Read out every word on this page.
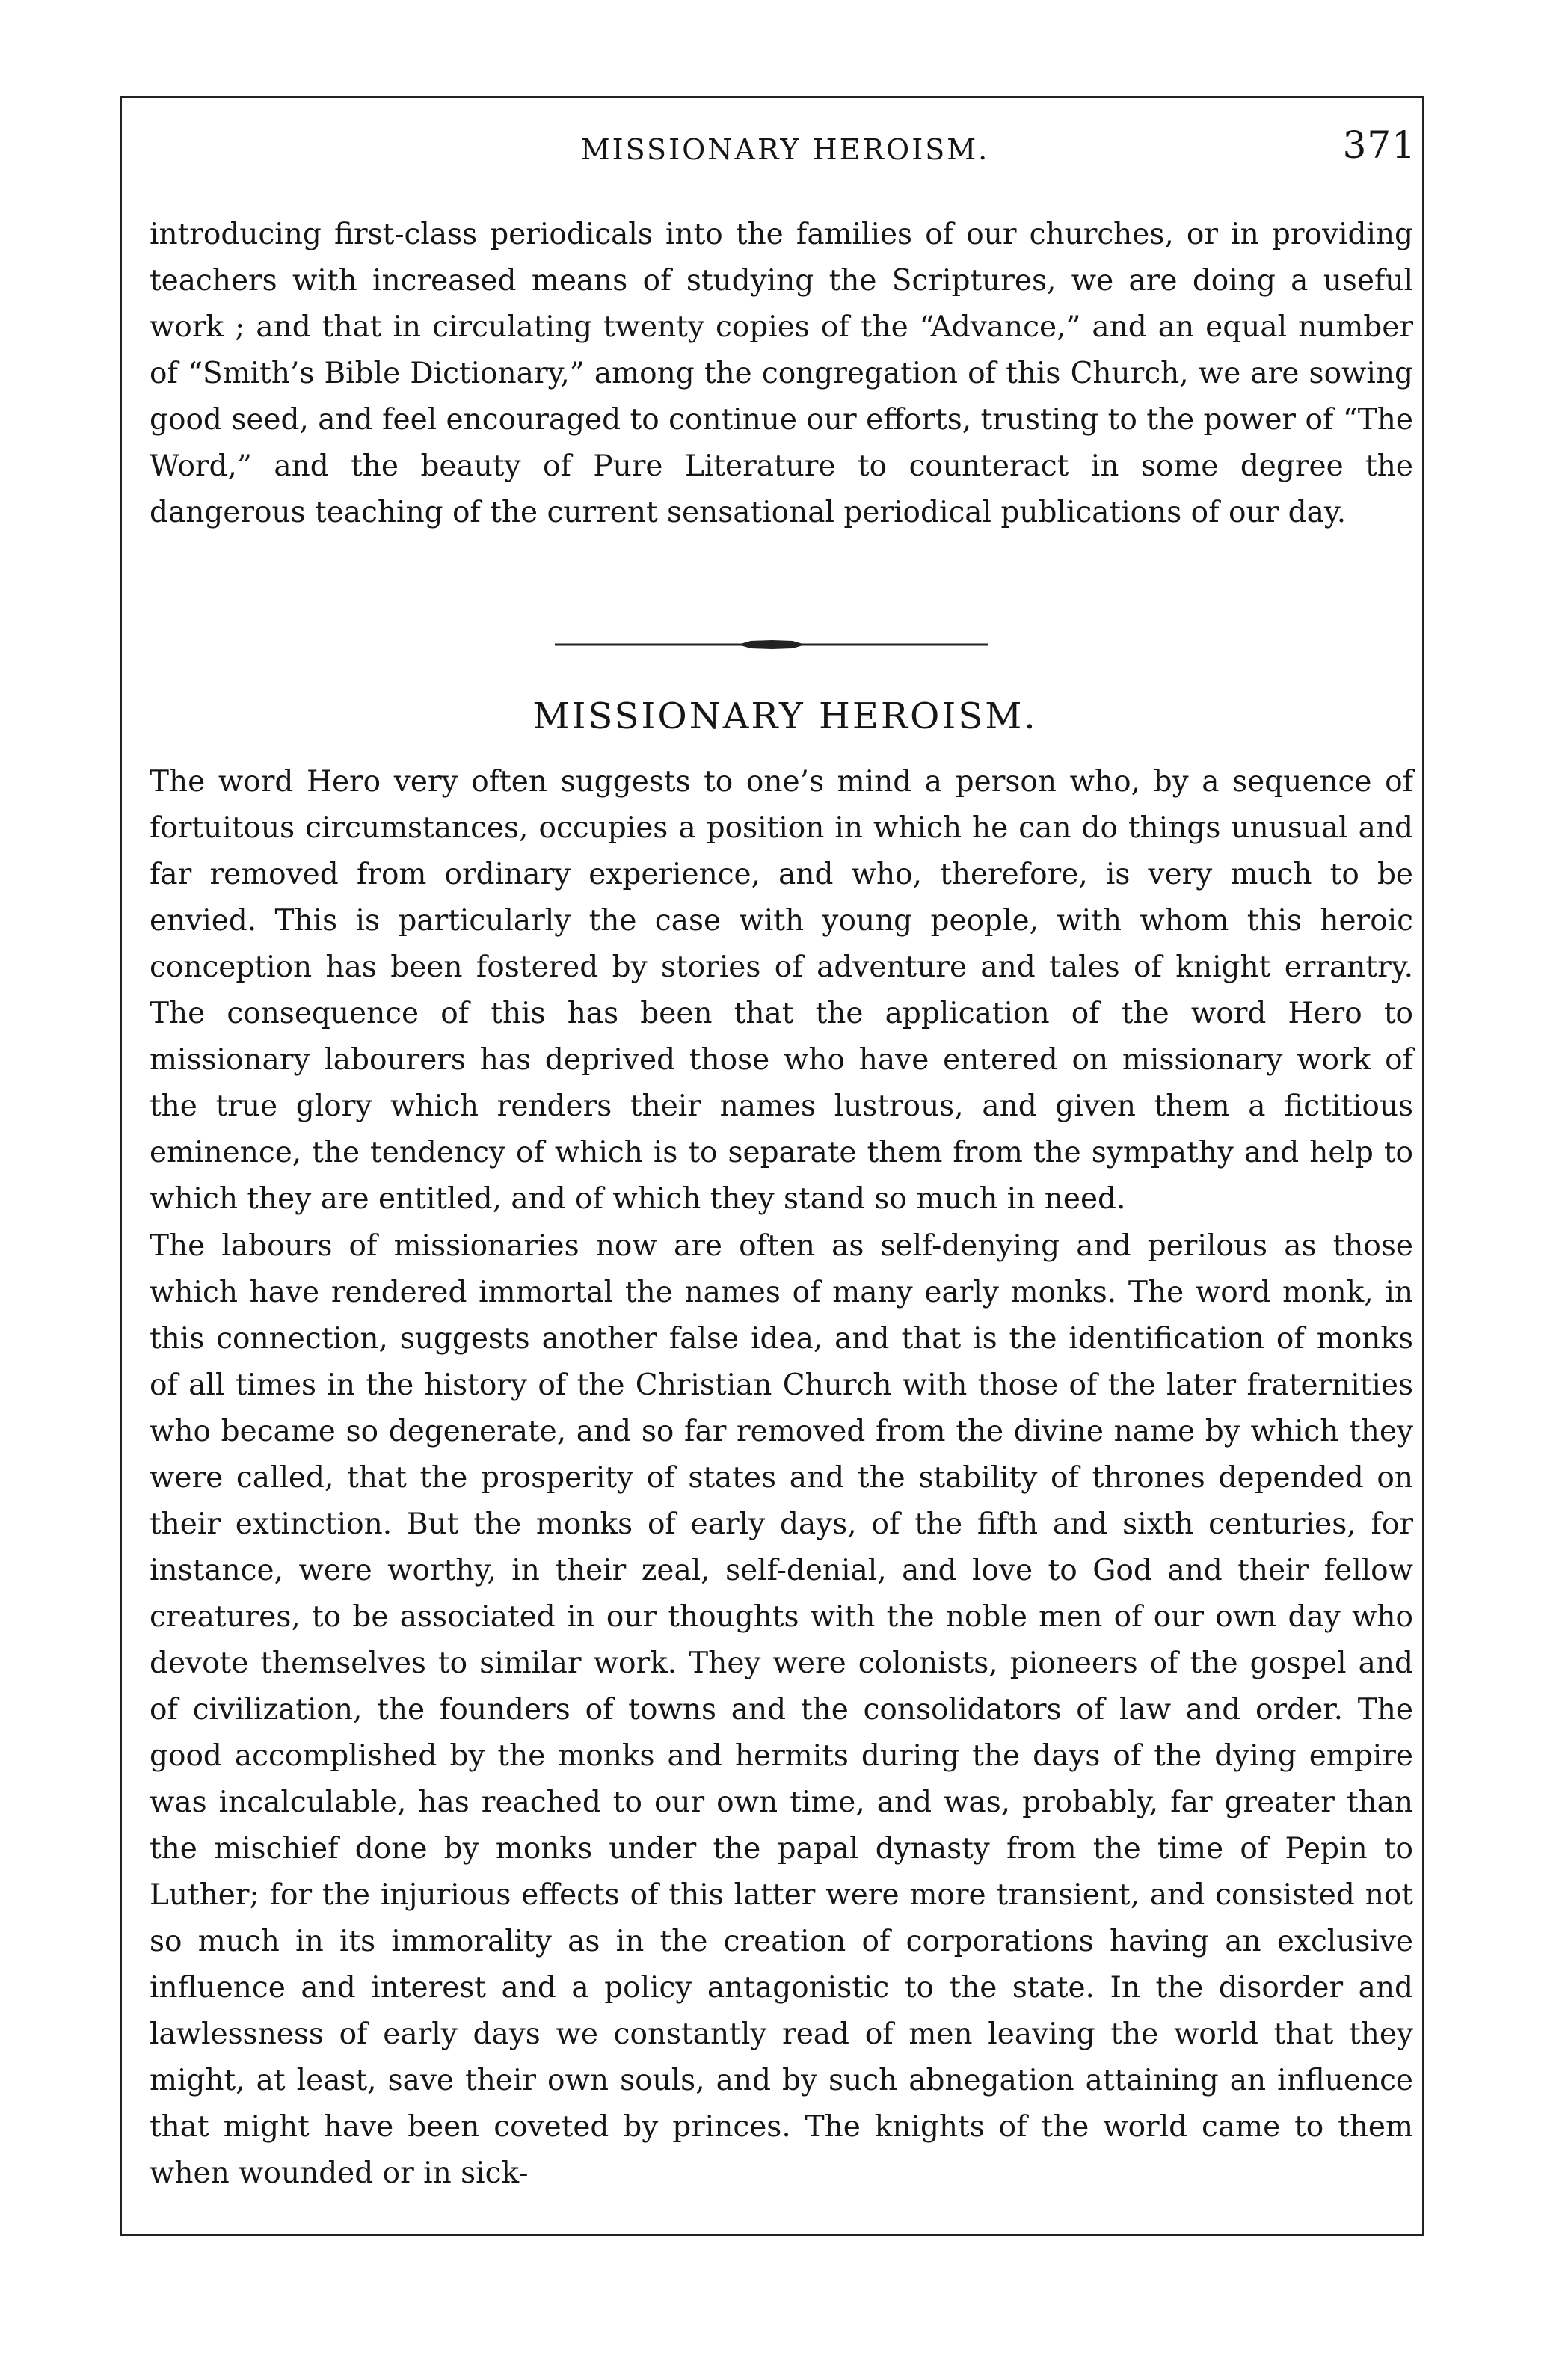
MISSIONARY HEROISM.	371

introducing first-class periodicals into the families of our churches, or in providing teachers with increased means of studying the Scriptures, we are doing a useful work ; and that in circulating twenty copies of the “Advance,” and an equal number of “Smith’s Bible Dictionary,” among the congregation of this Church, we are sowing good seed, and feel encouraged to continue our efforts, trusting to the power of “The Word,” and the beauty of Pure Literature to counteract in some degree the dangerous teaching of the current sensational periodical publications of our day.

MISSIONARY HEROISM.

The word Hero very often suggests to one’s mind a person who, by a sequence of fortuitous circumstances, occupies a position in which he can do things unusual and far removed from ordinary experience, and who, therefore, is very much to be envied. This is particularly the case with young people, with whom this heroic conception has been fostered by stories of adventure and tales of knight errantry. The consequence of this has been that the application of the word Hero to missionary labourers has deprived those who have entered on missionary work of the true glory which renders their names lustrous, and given them a fictitious eminence, the tendency of which is to separate them from the sympathy and help to which they are entitled, and of which they stand so much in need.

The labours of missionaries now are often as self-denying and perilous as those which have rendered immortal the names of many early monks. The word monk, in this connection, suggests another false idea, and that is the identification of monks of all times in the history of the Christian Church with those of the later fraternities who became so degenerate, and so far removed from the divine name by which they were called, that the prosperity of states and the stability of thrones depended on their extinction. But the monks of early days, of the fifth and sixth centuries, for instance, were worthy, in their zeal, self-denial, and love to God and their fellow creatures, to be associated in our thoughts with the noble men of our own day who devote themselves to similar work. They were colonists, pioneers of the gospel and of civilization, the founders of towns and the consolidators of law and order. The good accomplished by the monks and hermits during the days of the dying empire was incalculable, has reached to our own time, and was, probably, far greater than the mischief done by monks under the papal dynasty from the time of Pepin to Luther; for the injurious effects of this latter were more transient, and consisted not so much in its immorality as in the creation of corporations having an exclusive influence and interest and a policy antagonistic to the state. In the disorder and lawlessness of early days we constantly read of men leaving the world that they might, at least, save their own souls, and by such abnegation attaining an influence that might have been coveted by princes. The knights of the world came to them when wounded or in sick-
